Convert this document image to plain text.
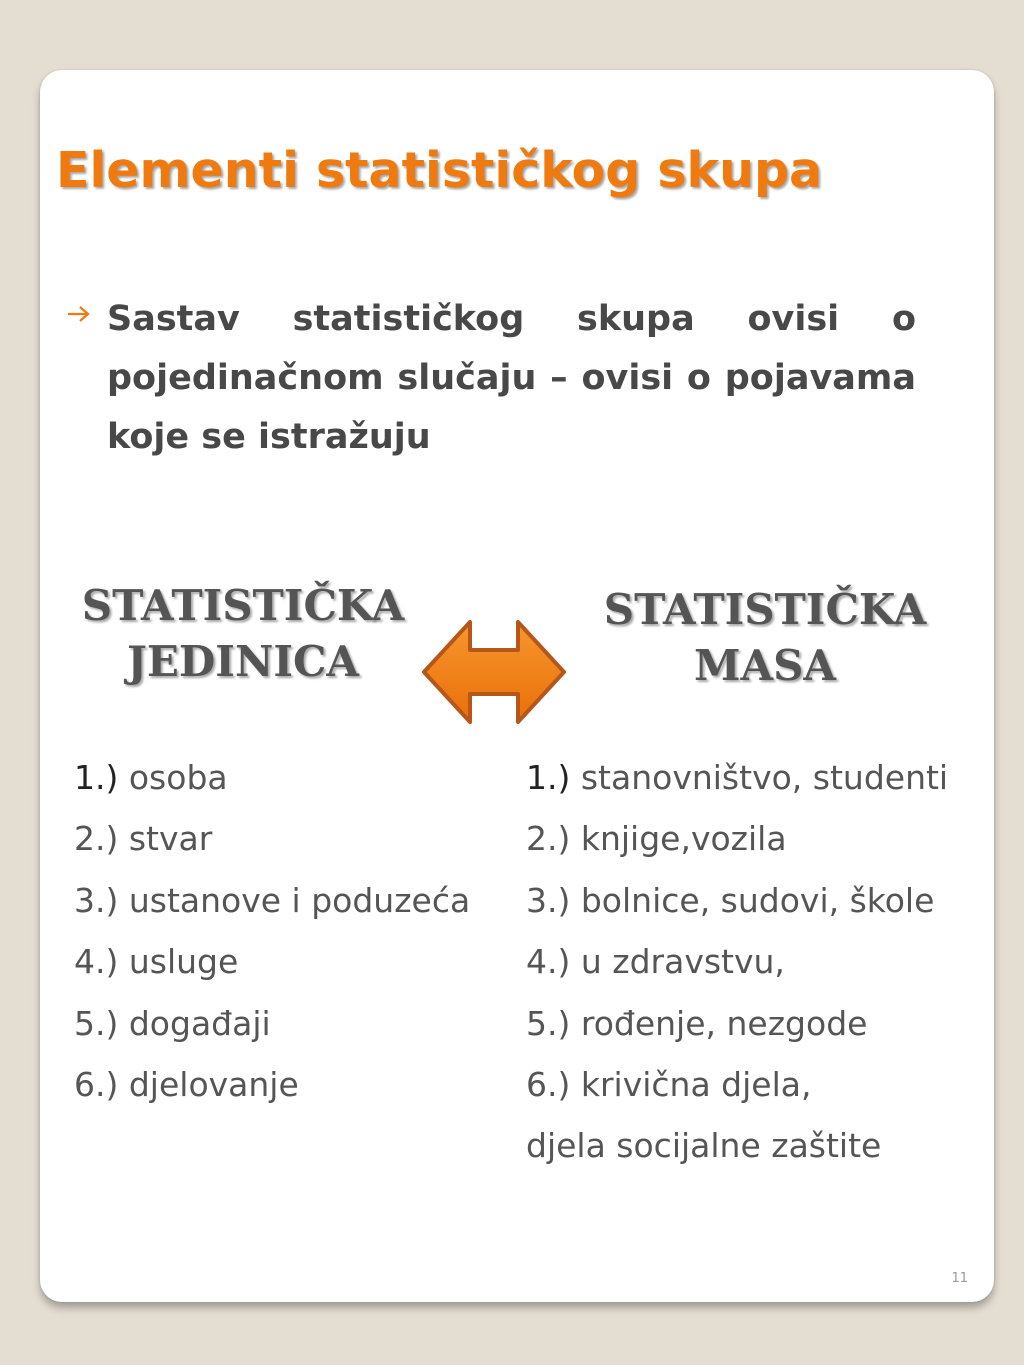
Elementi statističkog skupa

Sastav statističkog skupa ovisi o pojedinačnom slučaju – ovisi o pojavama koje se istražuju

STATISTIČKA
JEDINICA
STATISTIČKA
MASA
1.) osoba
2.) stvar
3.) ustanove i poduzeća
4.) usluge
5.) događaji
6.) djelovanje
1.) stanovništvo, studenti
2.) knjige,vozila
3.) bolnice, sudovi, škole
4.) u zdravstvu,
5.) rođenje, nezgode
6.) krivična djela,
djela socijalne zaštite
11
